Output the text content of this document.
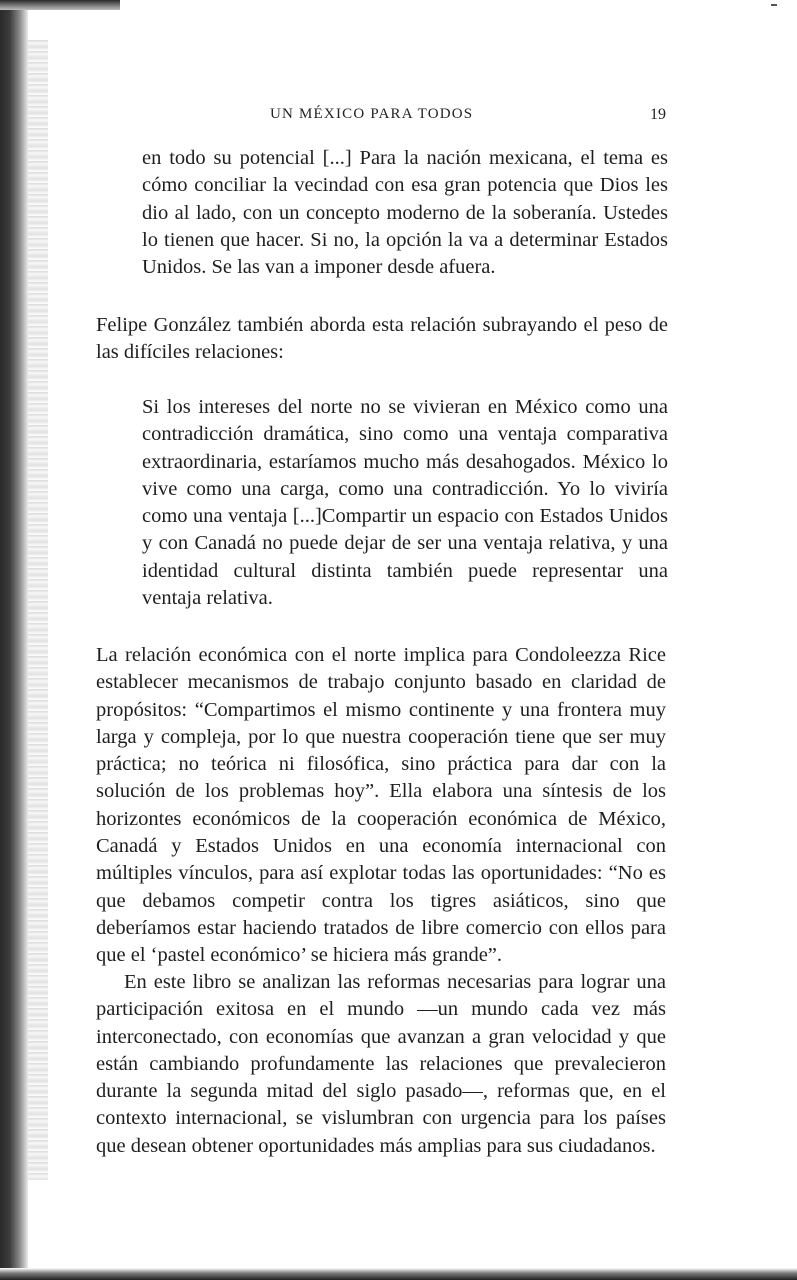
UN MÉXICO PARA TODOS	19

en todo su potencial [...] Para la nación mexicana, el tema es cómo conciliar la vecindad con esa gran potencia que Dios les dio al lado, con un concepto moderno de la soberanía. Ustedes lo tienen que hacer. Si no, la opción la va a determinar Estados Unidos. Se las van a imponer desde afuera.

Felipe González también aborda esta relación subrayando el peso de las difíciles relaciones:

Si los intereses del norte no se vivieran en México como una contradicción dramática, sino como una ventaja comparativa extraordinaria, estaríamos mucho más desahogados. México lo vive como una carga, como una contradicción. Yo lo viviría como una ventaja [...]Compartir un espacio con Estados Unidos y con Canadá no puede dejar de ser una ventaja relativa, y una identidad cultural distinta también puede representar una ventaja relativa.

La relación económica con el norte implica para Condoleezza Rice establecer mecanismos de trabajo conjunto basado en claridad de propósitos: “Compartimos el mismo continente y una frontera muy larga y compleja, por lo que nuestra cooperación tiene que ser muy práctica; no teórica ni filosófica, sino práctica para dar con la solución de los problemas hoy”. Ella elabora una síntesis de los horizontes económicos de la cooperación económica de México, Canadá y Estados Unidos en una economía internacional con múltiples vínculos, para así explotar todas las oportunidades: “No es que debamos competir contra los tigres asiáticos, sino que deberíamos estar haciendo tratados de libre comercio con ellos para que el ‘pastel económico’ se hiciera más grande”.

En este libro se analizan las reformas necesarias para lograr una participación exitosa en el mundo —un mundo cada vez más interconectado, con economías que avanzan a gran velocidad y que están cambiando profundamente las relaciones que prevalecieron durante la segunda mitad del siglo pasado—, reformas que, en el contexto internacional, se vislumbran con urgencia para los países que desean obtener oportunidades más amplias para sus ciudadanos.
